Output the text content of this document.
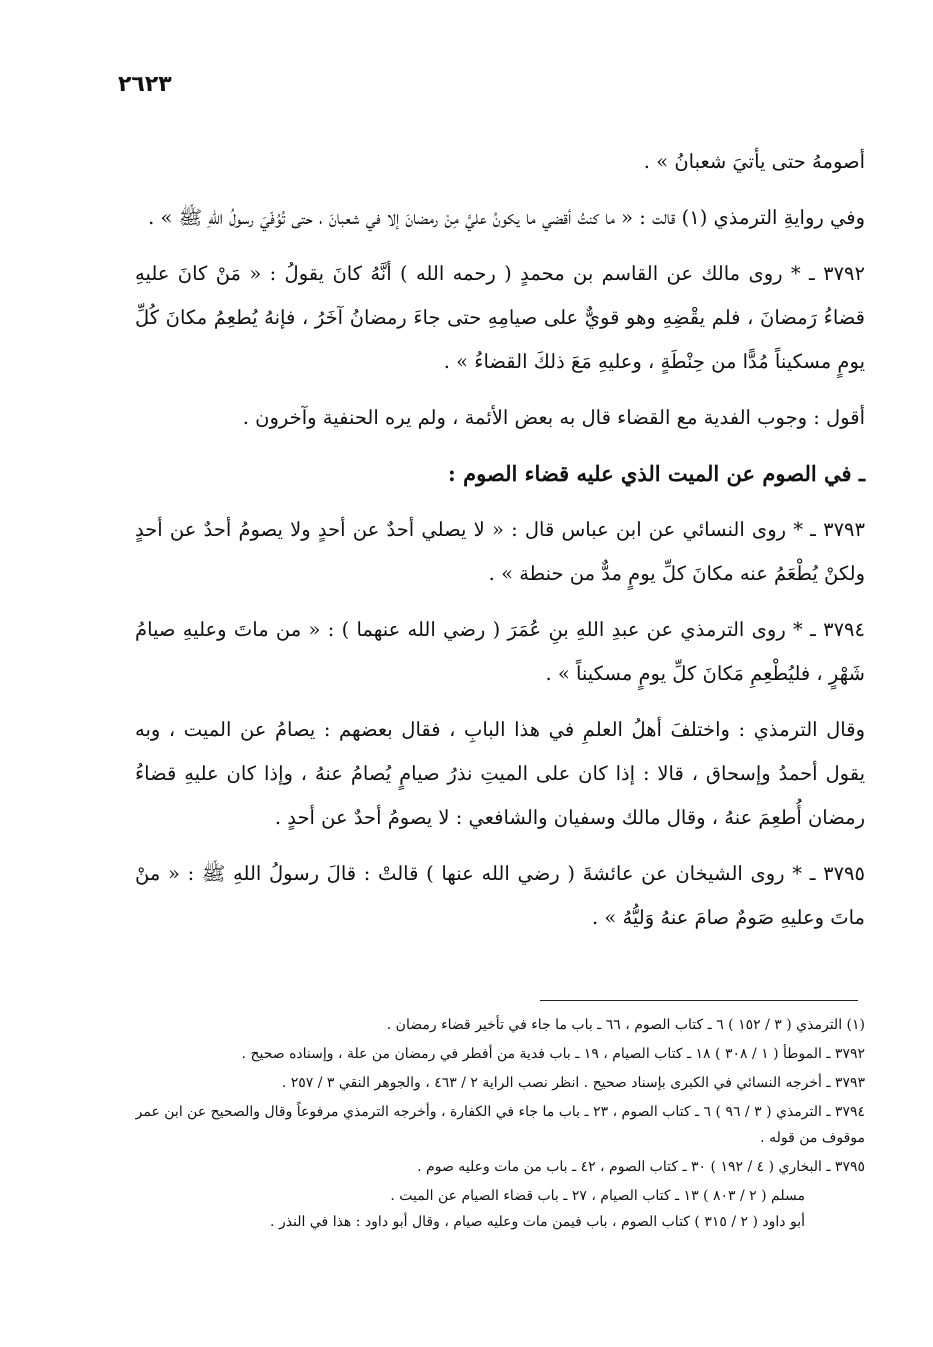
٢٦٢٣

أصومهُ حتى يأتيَ شعبانُ » .

وفي روايةِ الترمذي (١) قالت : « ما كنتُ أقضي ما يكونُ عليَّ مِنْ رمضانَ إلا في شعبانَ ، حتى تُوُفّيَ رسولُ اللهِ ﷺ » .

٣٧٩٢ ـ * روى مالك عن القاسم بن محمدٍ ( رحمه الله ) أنَّهُ كانَ يقولُ : « مَنْ كانَ عليهِ قضاءُ رَمضانَ ، فلم يقْضِهِ وهو قويٌّ على صيامِهِ حتى جاءَ رمضانُ آخَرُ ، فإنهُ يُطعِمُ مكانَ كُلِّ يومٍ مسكيناً مُدًّا من حِنْطَةٍ ، وعليهِ مَعَ ذلكَ القضاءُ » .

أقول : وجوب الفدية مع القضاء قال به بعض الأئمة ، ولم يره الحنفية وآخرون .

ـ في الصوم عن الميت الذي عليه قضاء الصوم :

٣٧٩٣ ـ * روى النسائي عن ابن عباس قال : « لا يصلي أحدٌ عن أحدٍ ولا يصومُ أحدٌ عن أحدٍ ولكنْ يُطْعَمُ عنه مكانَ كلِّ يومٍ مدٌّ من حنطة » .

٣٧٩٤ ـ * روى الترمذي عن عبدِ اللهِ بنِ عُمَرَ ( رضي الله عنهما ) : « من ماتَ وعليهِ صيامُ شَهْرٍ ، فليُطْعِمِ مَكانَ كلِّ يومٍ مسكيناً » .

وقال الترمذي : واختلفَ أهلُ العلمِ في هذا البابِ ، فقال بعضهم : يصامُ عن الميت ، وبه يقول أحمدُ وإسحاق ، قالا : إذا كان على الميتِ نذرُ صيامٍ يُصامُ عنهُ ، وإذا كان عليهِ قضاءُ رمضان أُطعِمَ عنهُ ، وقال مالك وسفيان والشافعي : لا يصومُ أحدٌ عن أحدٍ .

٣٧٩٥ ـ * روى الشيخان عن عائشةَ ( رضي الله عنها ) قالتْ : قالَ رسولُ اللهِ ﷺ : « منْ ماتَ وعليهِ صَومٌ صامَ عنهُ وَليُّهُ » .

(١) الترمذي ( ٣ / ١٥٢ ) ٦ ـ كتاب الصوم ، ٦٦ ـ باب ما جاء في تأخير قضاء رمضان .

٣٧٩٢ ـ الموطأ ( ١ / ٣٠٨ ) ١٨ ـ كتاب الصيام ، ١٩ ـ باب فدية من أفطر في رمضان من علة ، وإسناده صحيح .

٣٧٩٣ ـ أخرجه النسائي في الكبرى بإسناد صحيح . انظر نصب الراية ٢ / ٤٦٣ ، والجوهر النقي ٣ / ٢٥٧ .

٣٧٩٤ ـ الترمذي ( ٣ / ٩٦ ) ٦ ـ كتاب الصوم ، ٢٣ ـ باب ما جاء في الكفارة ، وأخرجه الترمذي مرفوعاً وقال والصحيح عن ابن عمر موقوف من قوله .

٣٧٩٥ ـ البخاري ( ٤ / ١٩٢ ) ٣٠ ـ كتاب الصوم ، ٤٢ ـ باب من مات وعليه صوم .

مسلم ( ٢ / ٨٠٣ ) ١٣ ـ كتاب الصيام ، ٢٧ ـ باب قضاء الصيام عن الميت .

أبو داود ( ٢ / ٣١٥ ) كتاب الصوم ، باب فيمن مات وعليه صيام ، وقال أبو داود : هذا في النذر .
